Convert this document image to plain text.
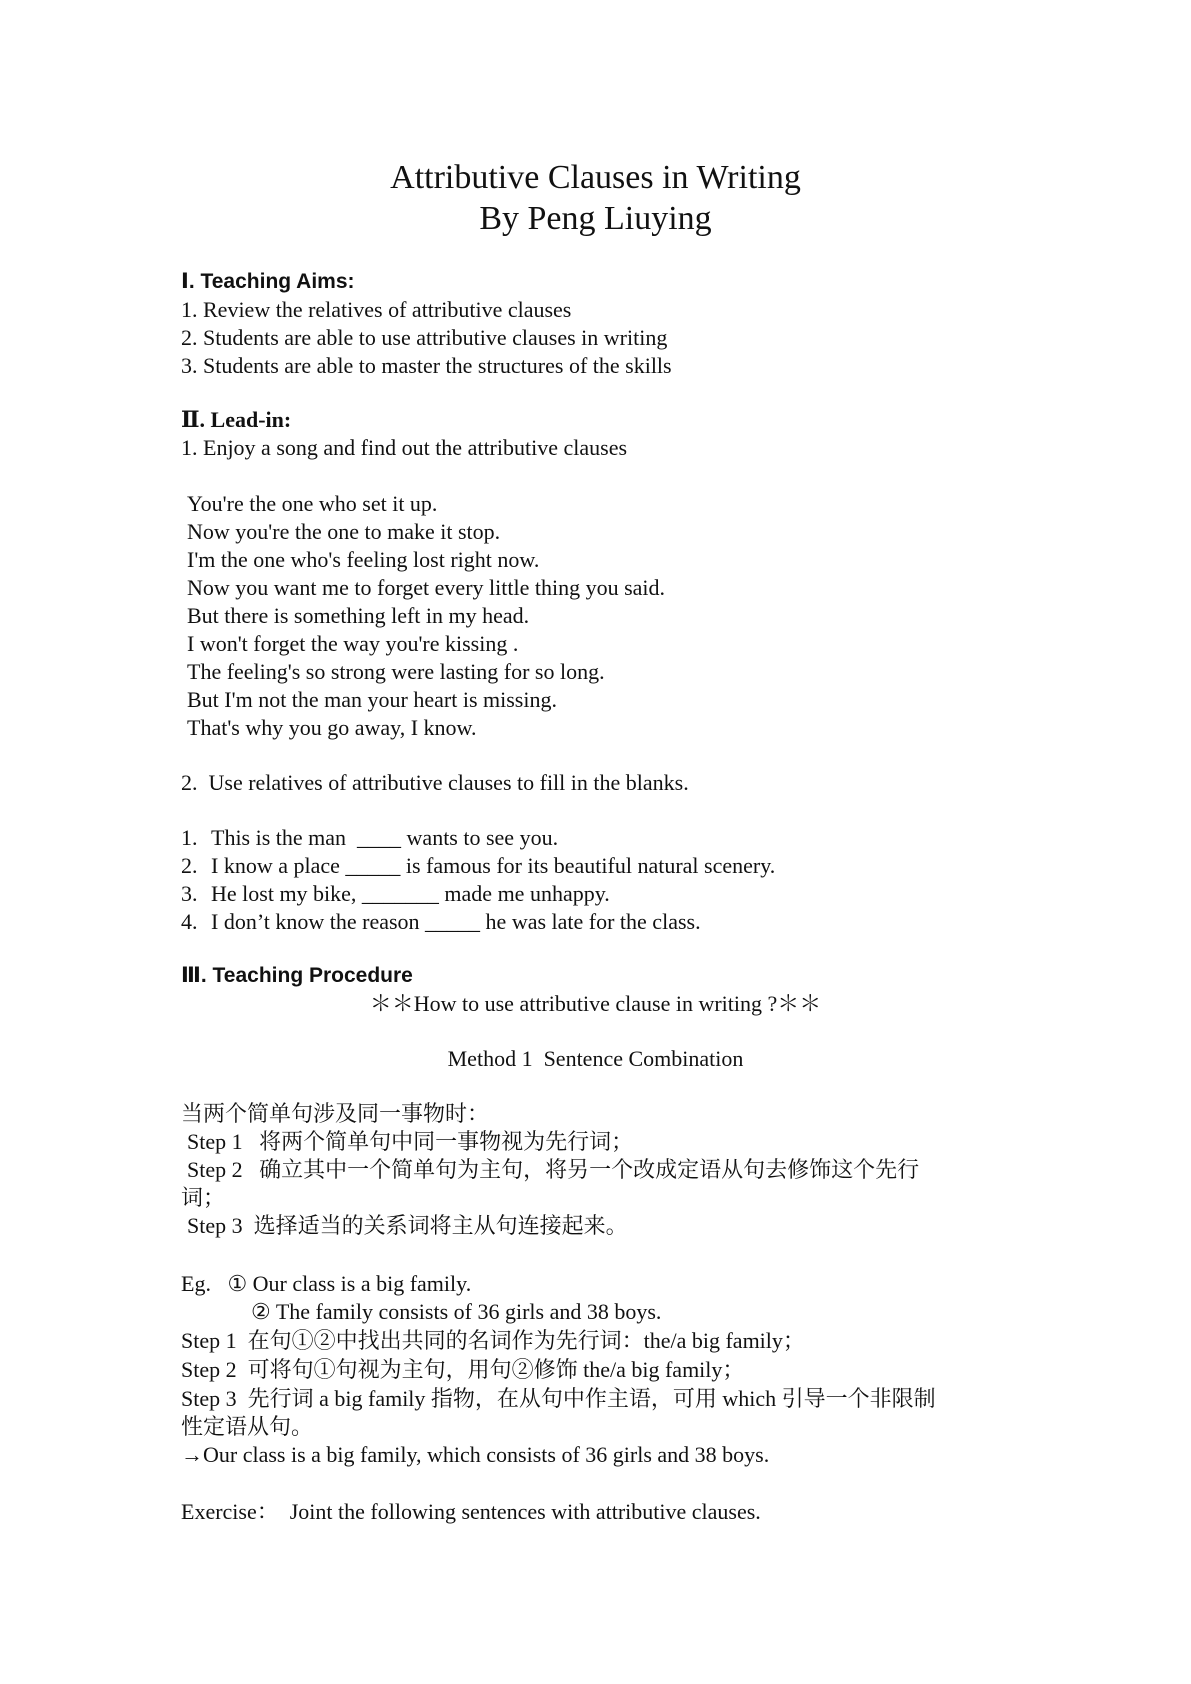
Attributive Clauses in Writing
By Peng Liuying
Ⅰ. Teaching Aims:
1. Review the relatives of attributive clauses
2. Students are able to use attributive clauses in writing
3. Students are able to master the structures of the skills
Ⅱ. Lead-in:
1. Enjoy a song and find out the attributive clauses
You're the one who set it up.
Now you're the one to make it stop.
I'm the one who's feeling lost right now.
Now you want me to forget every little thing you said.
But there is something left in my head.
I won't forget the way you're kissing .
The feeling's so strong were lasting for so long.
But I'm not the man your heart is missing.
That's why you go away, I know.
2.  Use relatives of attributive clauses to fill in the blanks.
1. This is the man  ____ wants to see you.
2. I know a place _____ is famous for its beautiful natural scenery.
3. He lost my bike, _______ made me unhappy.
4. I don’t know the reason _____ he was late for the class.
Ⅲ. Teaching Procedure
＊＊How to use attributive clause in writing ?＊＊
Method 1  Sentence Combination
当两个简单句涉及同一事物时：
Step 1   将两个简单句中同一事物视为先行词；
Step 2   确立其中一个简单句为主句，将另一个改成定语从句去修饰这个先行
词；
Step 3  选择适当的关系词将主从句连接起来。
Eg.   ① Our class is a big family.
② The family consists of 36 girls and 38 boys.
Step 1  在句①②中找出共同的名词作为先行词：the/a big family；
Step 2  可将句①句视为主句，用句②修饰 the/a big family；
Step 3  先行词 a big family 指物，在从句中作主语，可用 which 引导一个非限制
性定语从句。
→Our class is a big family, which consists of 36 girls and 38 boys.
Exercise：  Joint the following sentences with attributive clauses.
